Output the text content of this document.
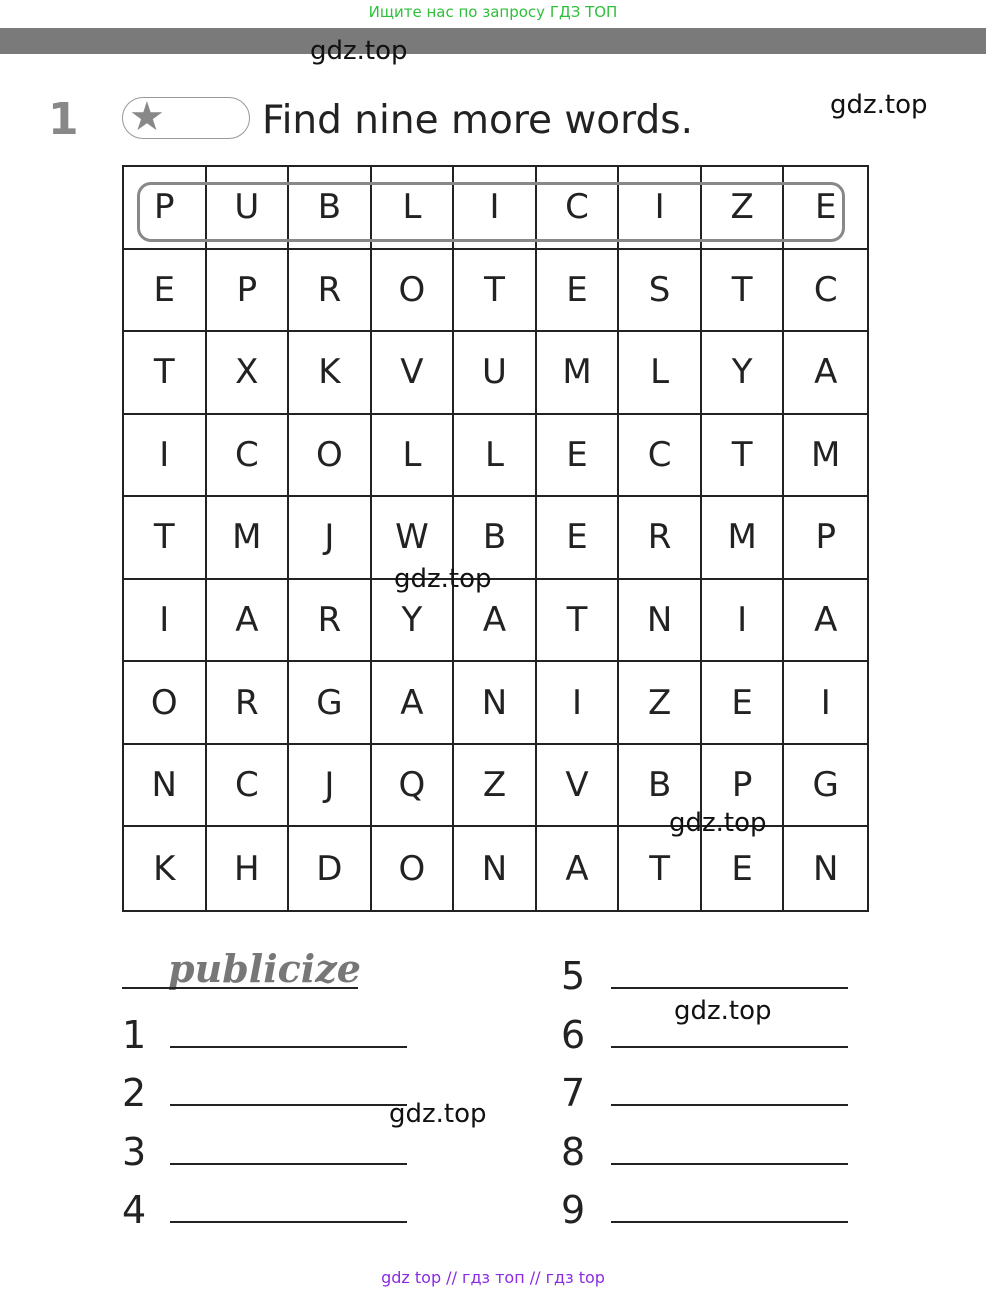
Ищите нас по запросу ГДЗ ТОП
1 ★ Find nine more words.
P	U	B	L	I	C	I	Z	E
E	P	R	O	T	E	S	T	C
T	X	K	V	U	M	L	Y	A
I	C	O	L	L	E	C	T	M
T	M	J	W	B	E	R	M	P
I	A	R	Y	A	T	N	I	A
O	R	G	A	N	I	Z	E	I
N	C	J	Q	Z	V	B	P	G
K	H	D	O	N	A	T	E	N
publicize
1
2
3
4
5
6
7
8
9
gdz.top
gdz.top
gdz.top
gdz.top
gdz.top
gdz.top
gdz top // гдз топ // гдз top
